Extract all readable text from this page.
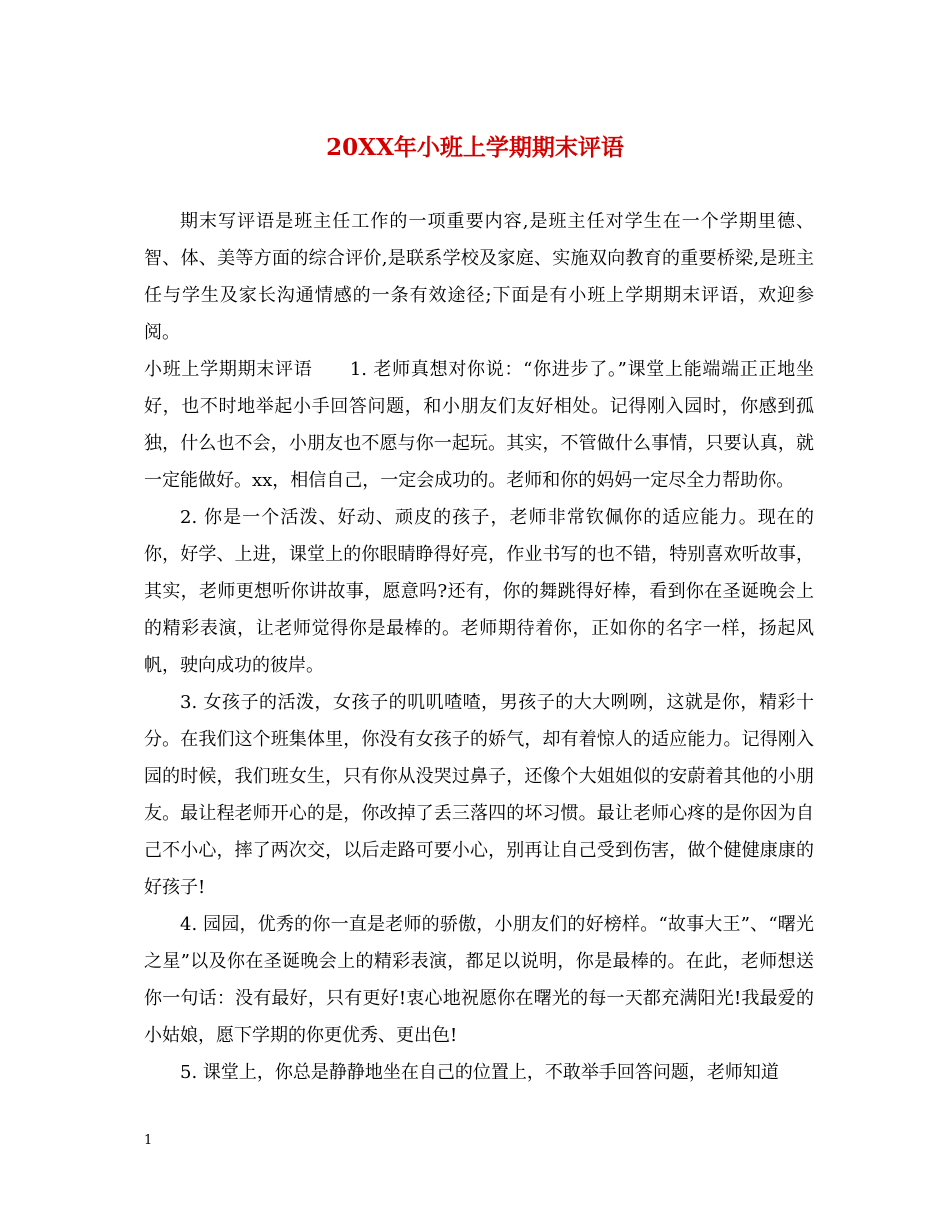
20XX年小班上学期期末评语

期末写评语是班主任工作的一项重要内容,是班主任对学生在一个学期里德、智、体、美等方面的综合评价,是联系学校及家庭、实施双向教育的重要桥梁,是班主任与学生及家长沟通情感的一条有效途径;下面是有小班上学期期末评语，欢迎参阅。

小班上学期期末评语　　1. 老师真想对你说：“你进步了。”课堂上能端端正正地坐好，也不时地举起小手回答问题，和小朋友们友好相处。记得刚入园时，你感到孤独，什么也不会，小朋友也不愿与你一起玩。其实，不管做什么事情，只要认真，就一定能做好。xx，相信自己，一定会成功的。老师和你的妈妈一定尽全力帮助你。

2. 你是一个活泼、好动、顽皮的孩子，老师非常钦佩你的适应能力。现在的你，好学、上进，课堂上的你眼睛睁得好亮，作业书写的也不错，特别喜欢听故事，其实，老师更想听你讲故事，愿意吗?还有，你的舞跳得好棒，看到你在圣诞晚会上的精彩表演，让老师觉得你是最棒的。老师期待着你，正如你的名字一样，扬起风帆，驶向成功的彼岸。

3. 女孩子的活泼，女孩子的叽叽喳喳，男孩子的大大咧咧，这就是你，精彩十分。在我们这个班集体里，你没有女孩子的娇气，却有着惊人的适应能力。记得刚入园的时候，我们班女生，只有你从没哭过鼻子，还像个大姐姐似的安蔚着其他的小朋友。最让程老师开心的是，你改掉了丢三落四的坏习惯。最让老师心疼的是你因为自己不小心，摔了两次交，以后走路可要小心，别再让自己受到伤害，做个健健康康的好孩子!

4. 园园，优秀的你一直是老师的骄傲，小朋友们的好榜样。“故事大王”、“曙光之星”以及你在圣诞晚会上的精彩表演，都足以说明，你是最棒的。在此，老师想送你一句话：没有最好，只有更好!衷心地祝愿你在曙光的每一天都充满阳光!我最爱的小姑娘，愿下学期的你更优秀、更出色!

5. 课堂上，你总是静静地坐在自己的位置上，不敢举手回答问题，老师知道

1
